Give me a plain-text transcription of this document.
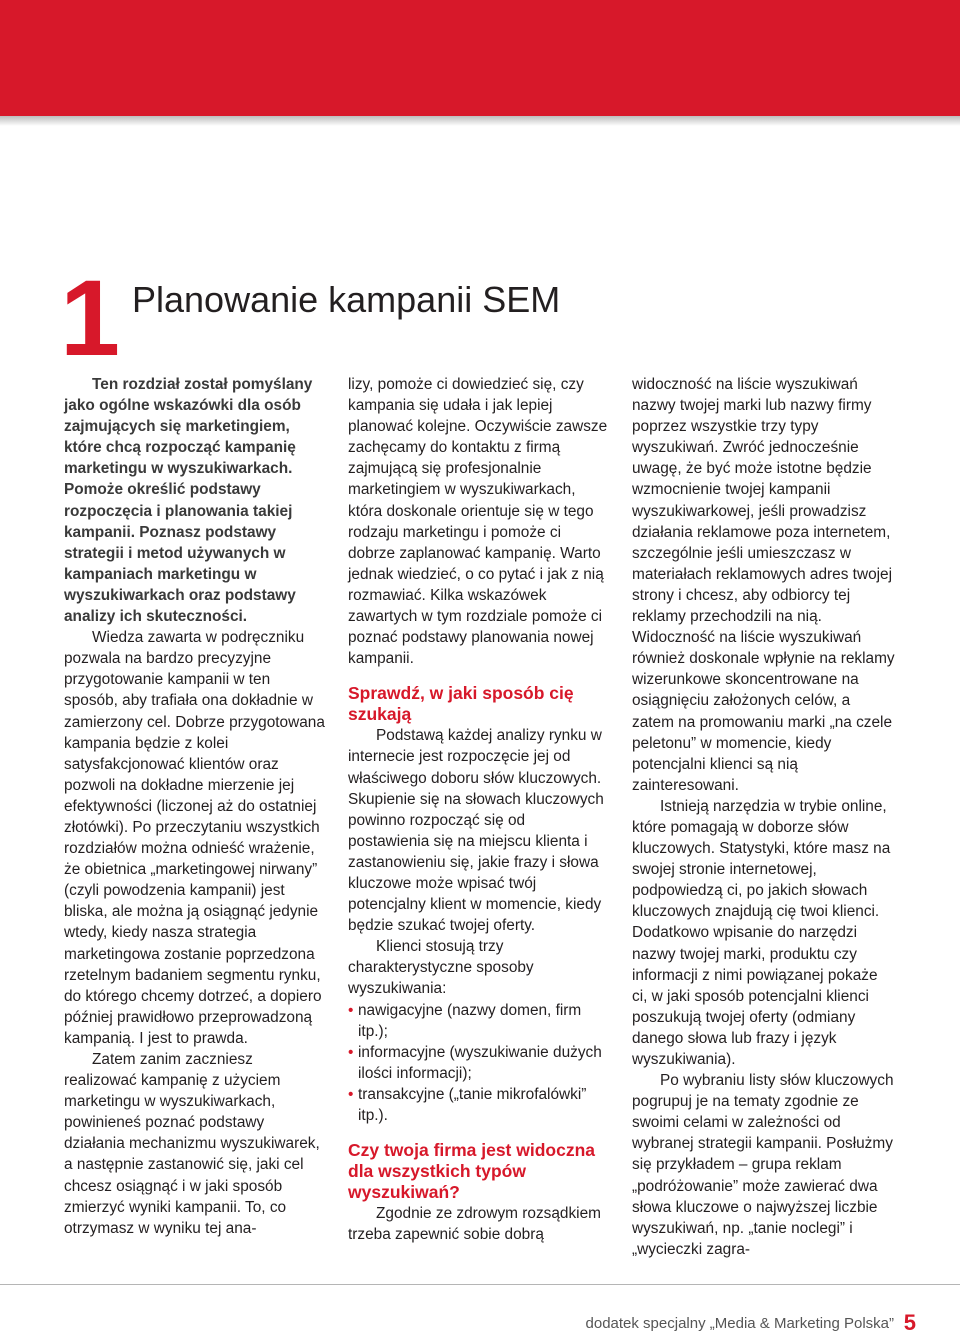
1 Planowanie kampanii SEM

Ten rozdział został pomyślany jako ogólne wskazówki dla osób zajmujących się marketingiem, które chcą rozpocząć kampanię marketingu w wyszukiwarkach. Pomoże określić podstawy rozpoczęcia i planowania takiej kampanii. Poznasz podstawy strategii i metod używanych w kampaniach marketingu w wyszukiwarkach oraz podstawy analizy ich skuteczności.

Wiedza zawarta w podręczniku pozwala na bardzo precyzyjne przygotowanie kampanii w ten sposób, aby trafiała ona dokładnie w zamierzony cel. Dobrze przygotowana kampania będzie z kolei satysfakcjonować klientów oraz pozwoli na dokładne mierzenie jej efektywności (liczonej aż do ostatniej złotówki). Po przeczytaniu wszystkich rozdziałów można odnieść wrażenie, że obietnica „marketingowej nirwany” (czyli powodzenia kampanii) jest bliska, ale można ją osiągnąć jedynie wtedy, kiedy nasza strategia marketingowa zostanie poprzedzona rzetelnym badaniem segmentu rynku, do którego chcemy dotrzeć, a dopiero później prawidłowo przeprowadzoną kampanią. I jest to prawda.

Zatem zanim zaczniesz realizować kampanię z użyciem marketingu w wyszukiwarkach, powinieneś poznać podstawy działania mechanizmu wyszukiwarek, a następnie zastanowić się, jaki cel chcesz osiągnąć i w jaki sposób zmierzyć wyniki kampanii. To, co otrzymasz w wyniku tej ana-

lizy, pomoże ci dowiedzieć się, czy kampania się udała i jak lepiej planować kolejne. Oczywiście zawsze zachęcamy do kontaktu z firmą zajmującą się profesjonalnie marketingiem w wyszukiwarkach, która doskonale orientuje się w tego rodzaju marketingu i pomoże ci dobrze zaplanować kampanię. Warto jednak wiedzieć, o co pytać i jak z nią rozmawiać. Kilka wskazówek zawartych w tym rozdziale pomoże ci poznać podstawy planowania nowej kampanii.

Sprawdź, w jaki sposób cię szukają

Podstawą każdej analizy rynku w internecie jest rozpoczęcie jej od właściwego doboru słów kluczowych. Skupienie się na słowach kluczowych powinno rozpocząć się od postawienia się na miejscu klienta i zastanowieniu się, jakie frazy i słowa kluczowe może wpisać twój potencjalny klient w momencie, kiedy będzie szukać twojej oferty.

Klienci stosują trzy charakterystyczne sposoby wyszukiwania:

• nawigacyjne (nazwy domen, firm itp.);
• informacyjne (wyszukiwanie dużych ilości informacji);
• transakcyjne („tanie mikrofalówki” itp.).
Czy twoja firma jest widoczna dla wszystkich typów wyszukiwań?

Zgodnie ze zdrowym rozsądkiem trzeba zapewnić sobie dobrą

widoczność na liście wyszukiwań nazwy twojej marki lub nazwy firmy poprzez wszystkie trzy typy wyszukiwań. Zwróć jednocześnie uwagę, że być może istotne będzie wzmocnienie twojej kampanii wyszukiwarkowej, jeśli prowadzisz działania reklamowe poza internetem, szczególnie jeśli umieszczasz w materiałach reklamowych adres twojej strony i chcesz, aby odbiorcy tej reklamy przechodzili na nią. Widoczność na liście wyszukiwań również doskonale wpłynie na reklamy wizerunkowe skoncentrowane na osiągnięciu założonych celów, a zatem na promowaniu marki „na czele peletonu” w momencie, kiedy potencjalni klienci są nią zainteresowani.

Istnieją narzędzia w trybie online, które pomagają w doborze słów kluczowych. Statystyki, które masz na swojej stronie internetowej, podpowiedzą ci, po jakich słowach kluczowych znajdują cię twoi klienci. Dodatkowo wpisanie do narzędzi nazwy twojej marki, produktu czy informacji z nimi powiązanej pokaże ci, w jaki sposób potencjalni klienci poszukują twojej oferty (odmiany danego słowa lub frazy i język wyszukiwania).

Po wybraniu listy słów kluczowych pogrupuj je na tematy zgodnie ze swoimi celami w zależności od wybranej strategii kampanii. Posłużmy się przykładem – grupa reklam „podróżowanie” może zawierać dwa słowa kluczowe o najwyższej liczbie wyszukiwań, np. „tanie noclegi” i „wycieczki zagra-

dodatek specjalny „Media & Marketing Polska” 5
